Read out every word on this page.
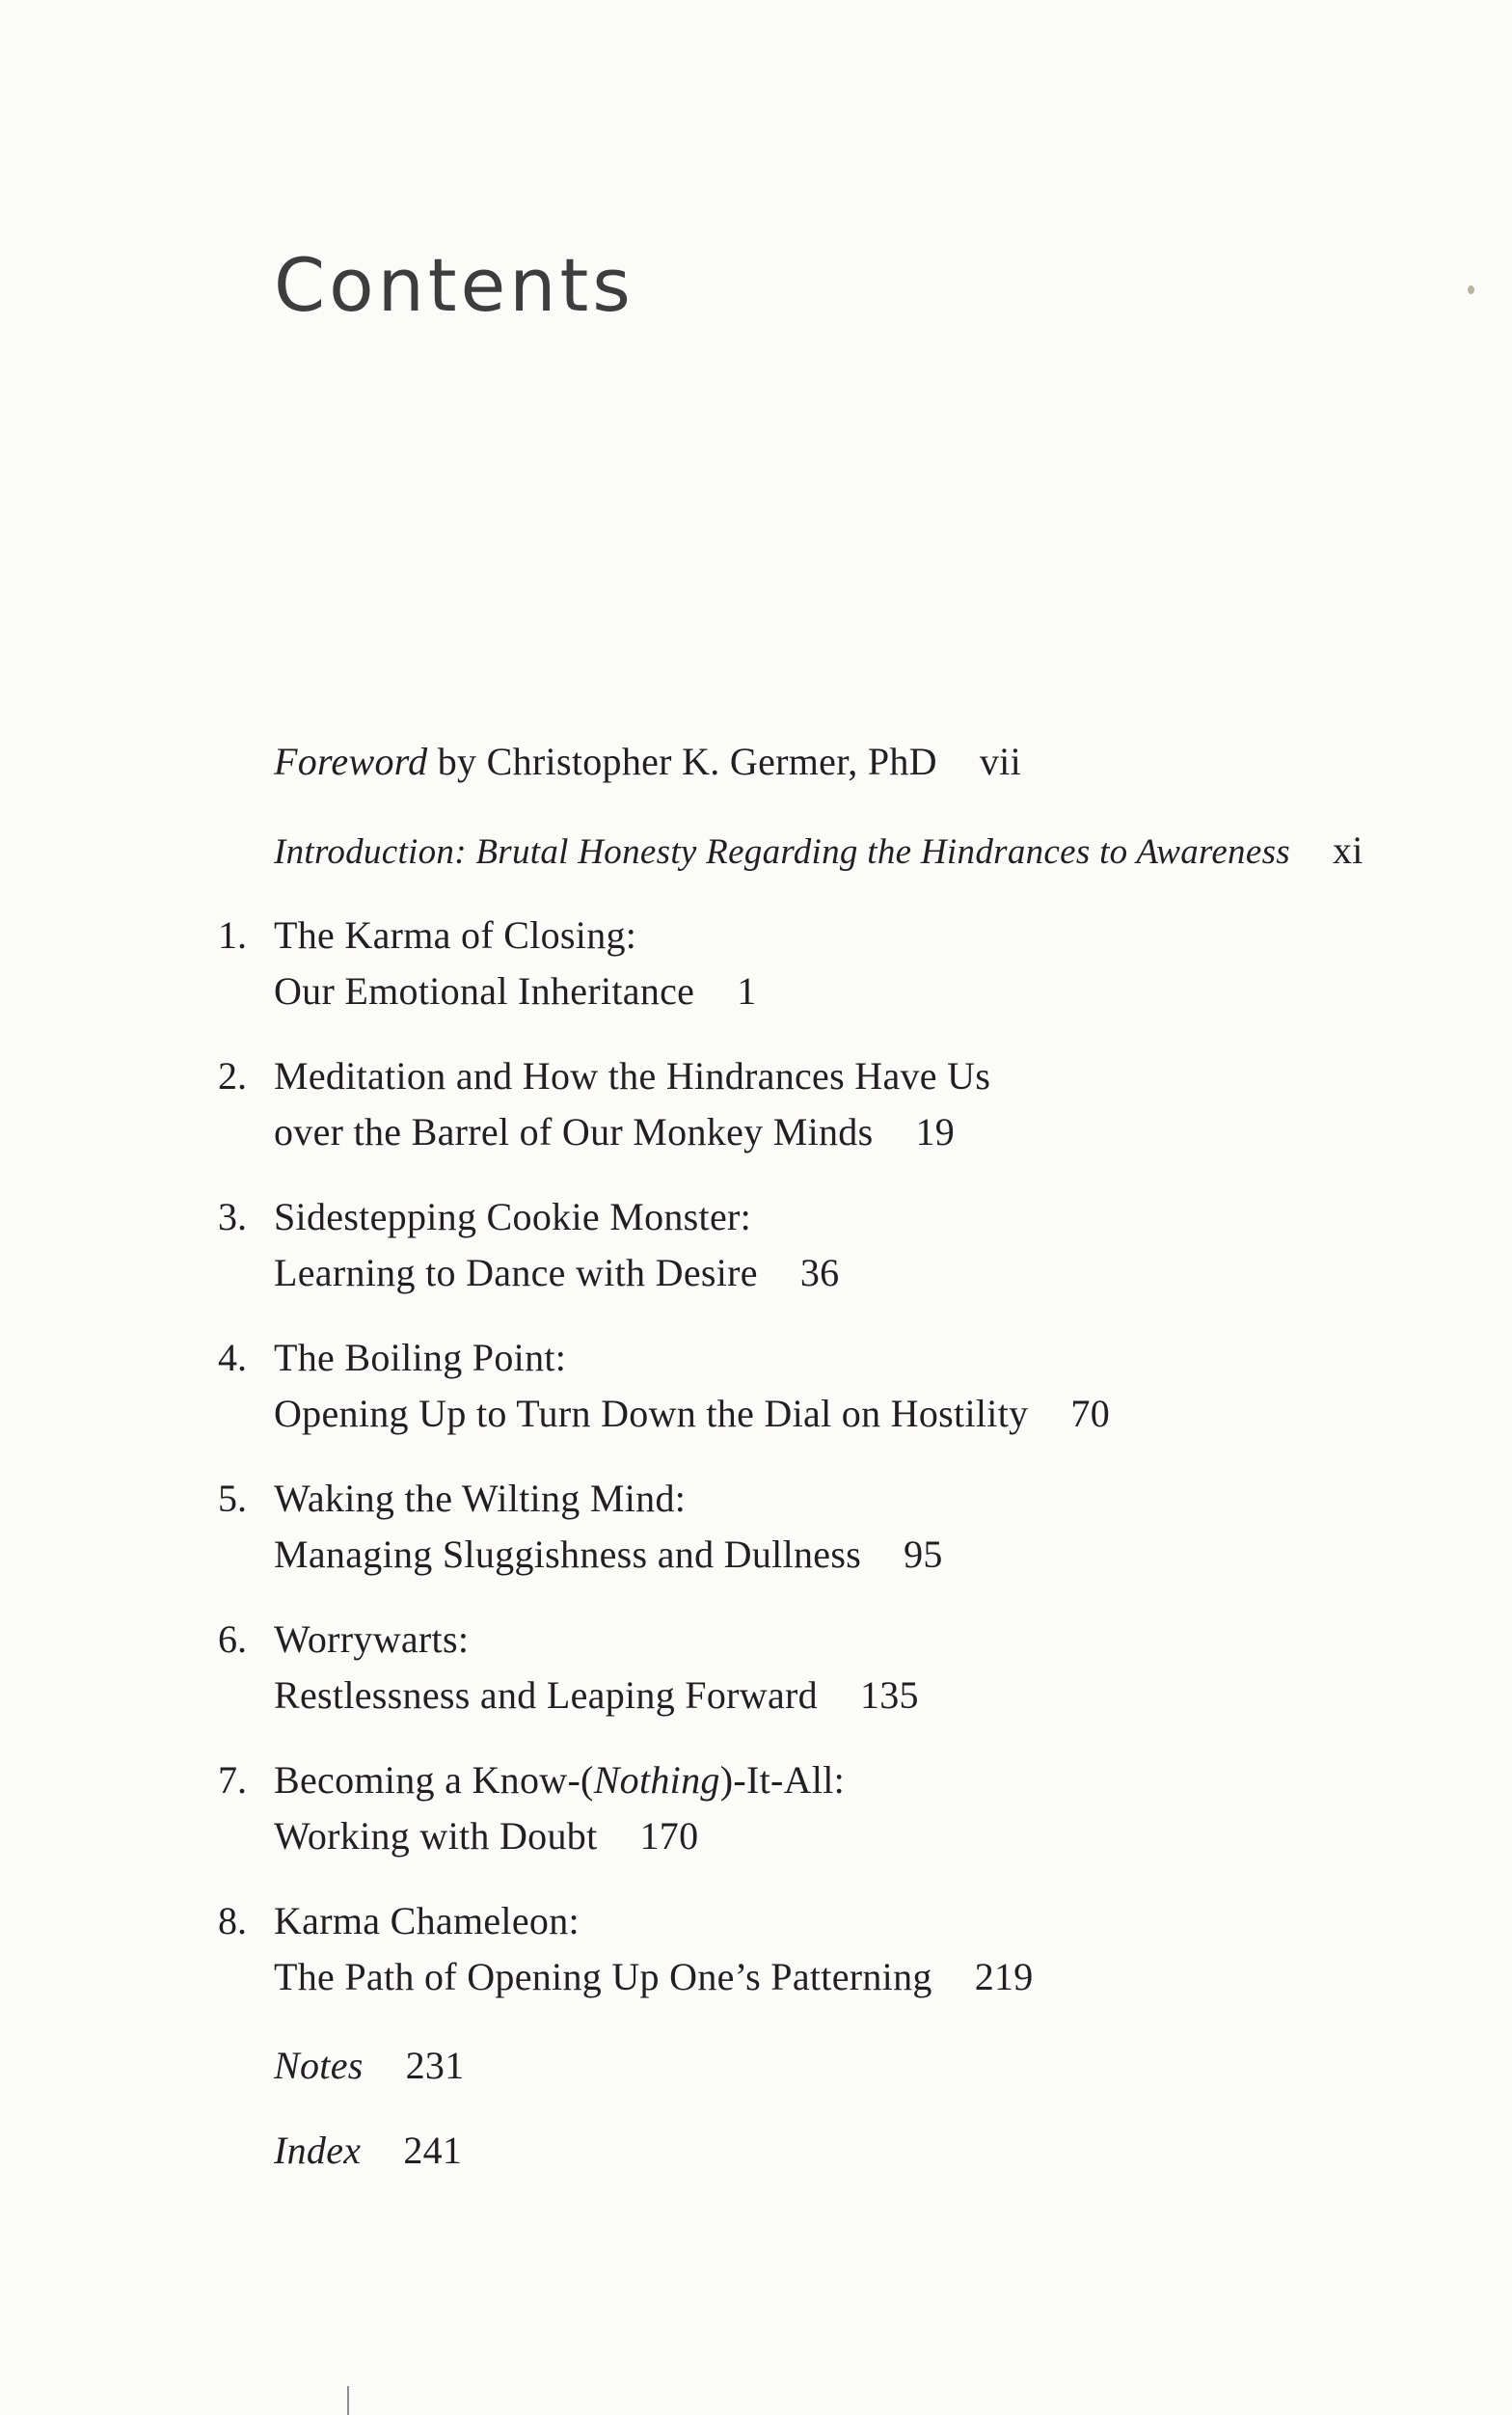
Contents
Foreword by Christopher K. Germer, PhD vii
Introduction: Brutal Honesty Regarding the Hindrances to Awareness xi
1. The Karma of Closing:
Our Emotional Inheritance 1
2. Meditation and How the Hindrances Have Us
over the Barrel of Our Monkey Minds 19
3. Sidestepping Cookie Monster:
Learning to Dance with Desire 36
4. The Boiling Point:
Opening Up to Turn Down the Dial on Hostility 70
5. Waking the Wilting Mind:
Managing Sluggishness and Dullness 95
6. Worrywarts:
Restlessness and Leaping Forward 135
7. Becoming a Know-(Nothing)-It-All:
Working with Doubt 170
8. Karma Chameleon:
The Path of Opening Up One’s Patterning 219
Notes 231
Index 241
